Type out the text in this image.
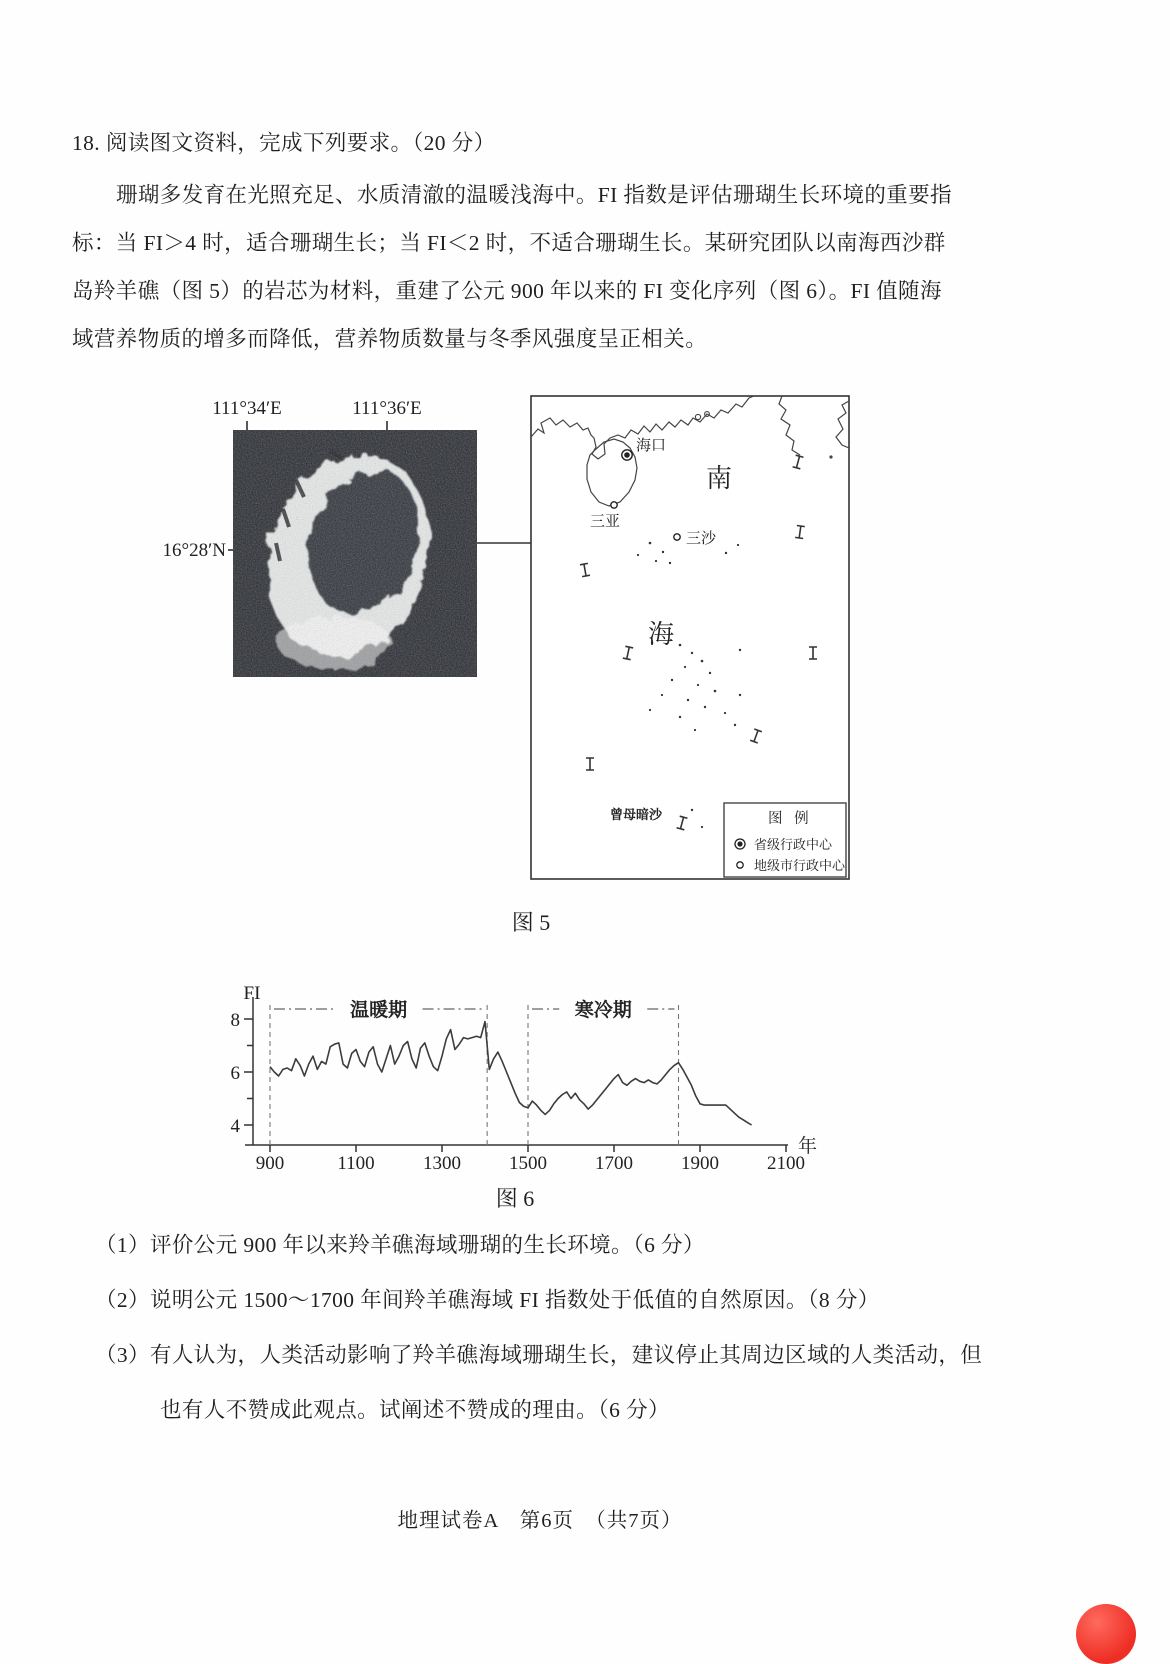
18. 阅读图文资料，完成下列要求。（20 分）
珊瑚多发育在光照充足、水质清澈的温暖浅海中。FI 指数是评估珊瑚生长环境的重要指
标：当 FI＞4 时，适合珊瑚生长；当 FI＜2 时，不适合珊瑚生长。某研究团队以南海西沙群
岛羚羊礁（图 5）的岩芯为材料，重建了公元 900 年以来的 FI 变化序列（图 6）。FI 值随海
域营养物质的增多而降低，营养物质数量与冬季风强度呈正相关。
111°34′E	111°36′E
16°28′N
海口
三亚
三沙
南
海
曾母暗沙	图 例
省级行政中心
地级市行政中心
图 5
FI
年
4
6
8
900	1100	1300	1500	1700	1900	2100
温暖期	寒冷期
图 6
（1）评价公元 900 年以来羚羊礁海域珊瑚的生长环境。（6 分）
（2）说明公元 1500～1700 年间羚羊礁海域 FI 指数处于低值的自然原因。（8 分）
（3）有人认为，人类活动影响了羚羊礁海域珊瑚生长，建议停止其周边区域的人类活动，但
也有人不赞成此观点。试阐述不赞成的理由。（6 分）
地理试卷A　第6页　（共7页）
